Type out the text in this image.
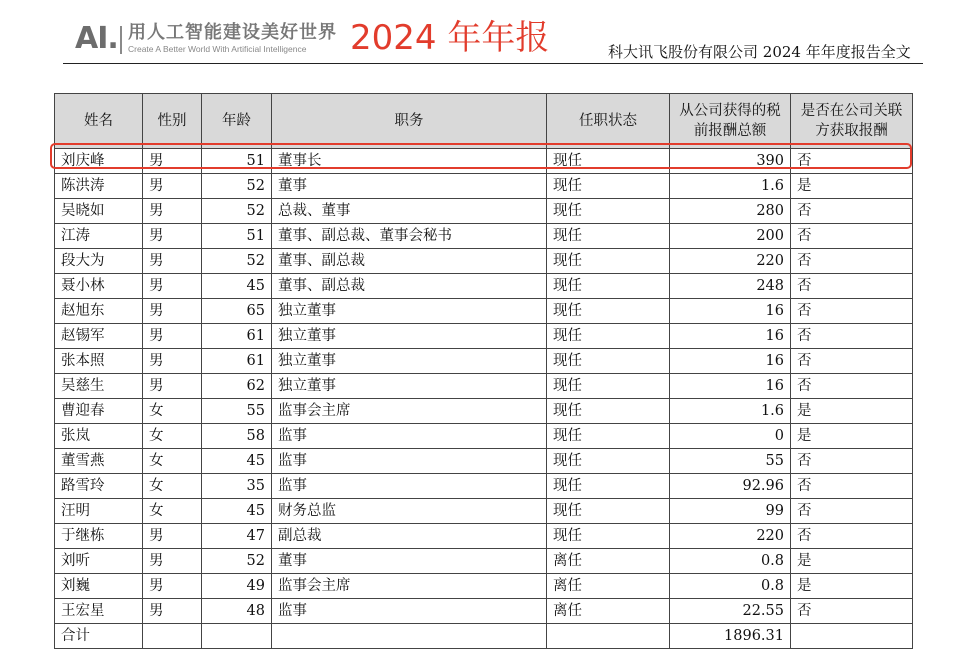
AI. 用人工智能建设美好世界
Create A Better World With Artificial Intelligence 2024 年年报	科大讯飞股份有限公司 2024 年年度报告全文
姓名	性别	年龄	职务	任职状态	从公司获得的税前报酬总额	是否在公司关联方获取报酬
刘庆峰	男	51	董事长	现任	390	否
陈洪涛	男	52	董事	现任	1.6	是
吴晓如	男	52	总裁、董事	现任	280	否
江涛	男	51	董事、副总裁、董事会秘书	现任	200	否
段大为	男	52	董事、副总裁	现任	220	否
聂小林	男	45	董事、副总裁	现任	248	否
赵旭东	男	65	独立董事	现任	16	否
赵锡军	男	61	独立董事	现任	16	否
张本照	男	61	独立董事	现任	16	否
吴慈生	男	62	独立董事	现任	16	否
曹迎春	女	55	监事会主席	现任	1.6	是
张岚	女	58	监事	现任	0	是
董雪燕	女	45	监事	现任	55	否
路雪玲	女	35	监事	现任	92.96	否
汪明	女	45	财务总监	现任	99	否
于继栋	男	47	副总裁	现任	220	否
刘听	男	52	董事	离任	0.8	是
刘巍	男	49	监事会主席	离任	0.8	是
王宏星	男	48	监事	离任	22.55	否
合计					1896.31	
